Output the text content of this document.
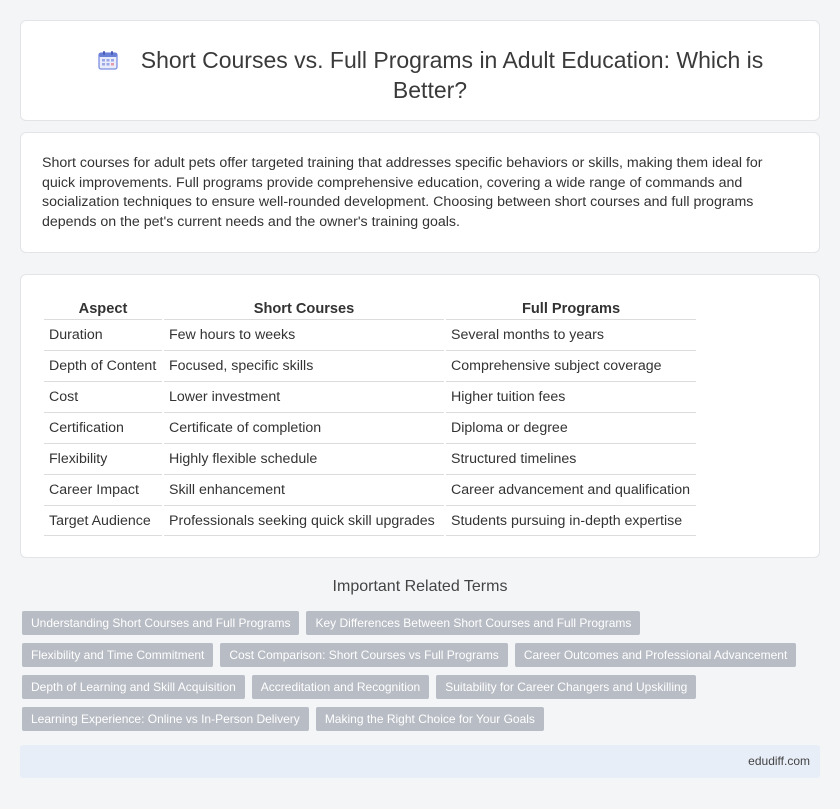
Short Courses vs. Full Programs in Adult Education: Which is Better?

Short courses for adult pets offer targeted training that addresses specific behaviors or skills, making them ideal for quick improvements. Full programs provide comprehensive education, covering a wide range of commands and socialization techniques to ensure well-rounded development. Choosing between short courses and full programs depends on the pet's current needs and the owner's training goals.

Aspect	Short Courses	Full Programs
Duration	Few hours to weeks	Several months to years
Depth of Content	Focused, specific skills	Comprehensive subject coverage
Cost	Lower investment	Higher tuition fees
Certification	Certificate of completion	Diploma or degree
Flexibility	Highly flexible schedule	Structured timelines
Career Impact	Skill enhancement	Career advancement and qualification
Target Audience	Professionals seeking quick skill upgrades	Students pursuing in-depth expertise
Important Related Terms
Understanding Short Courses and Full Programs	Key Differences Between Short Courses and Full Programs
Flexibility and Time Commitment	Cost Comparison: Short Courses vs Full Programs	Career Outcomes and Professional Advancement
Depth of Learning and Skill Acquisition	Accreditation and Recognition	Suitability for Career Changers and Upskilling
Learning Experience: Online vs In-Person Delivery	Making the Right Choice for Your Goals
edudiff.com
